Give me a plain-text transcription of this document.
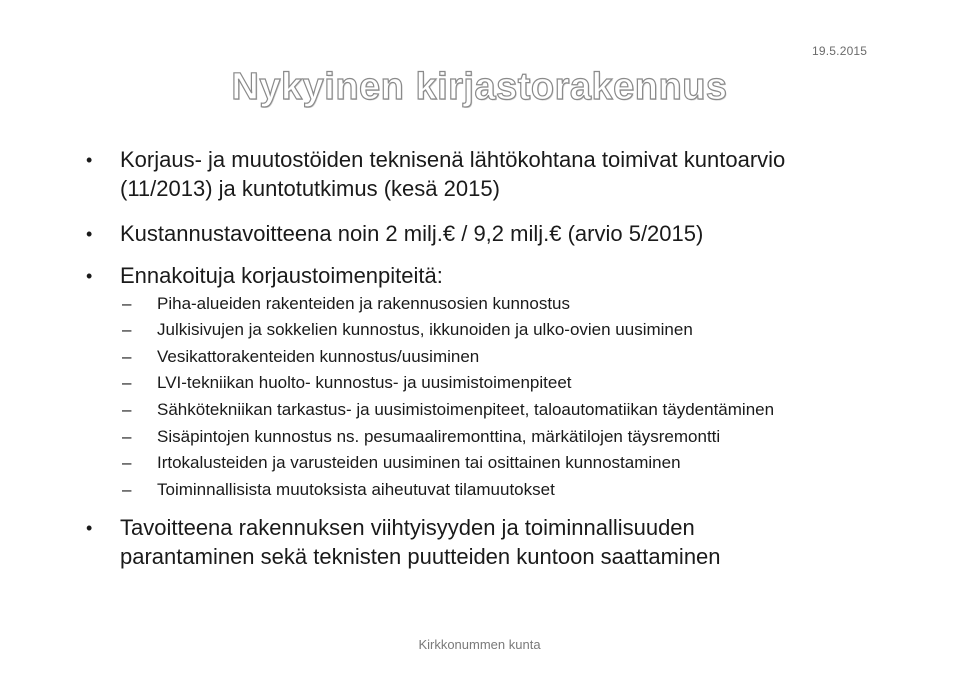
19.5.2015
Nykyinen kirjastorakennus
• Korjaus- ja muutostöiden teknisenä lähtökohtana toimivat kuntoarvio
(11/2013) ja kuntotutkimus (kesä 2015)
• Kustannustavoitteena noin 2 milj.€ / 9,2 milj.€ (arvio 5/2015)
• Ennakoituja korjaustoimenpiteitä:
– Piha-alueiden rakenteiden ja rakennusosien kunnostus
– Julkisivujen ja sokkelien kunnostus, ikkunoiden ja ulko-ovien uusiminen
– Vesikattorakenteiden kunnostus/uusiminen
– LVI-tekniikan huolto- kunnostus- ja uusimistoimenpiteet
– Sähkötekniikan tarkastus- ja uusimistoimenpiteet, taloautomatiikan täydentäminen
– Sisäpintojen kunnostus ns. pesumaaliremonttina, märkätilojen täysremontti
– Irtokalusteiden ja varusteiden uusiminen tai osittainen kunnostaminen
– Toiminnallisista muutoksista aiheutuvat tilamuutokset
• Tavoitteena rakennuksen viihtyisyyden ja toiminnallisuuden
parantaminen sekä teknisten puutteiden kuntoon saattaminen
Kirkkonummen kunta
